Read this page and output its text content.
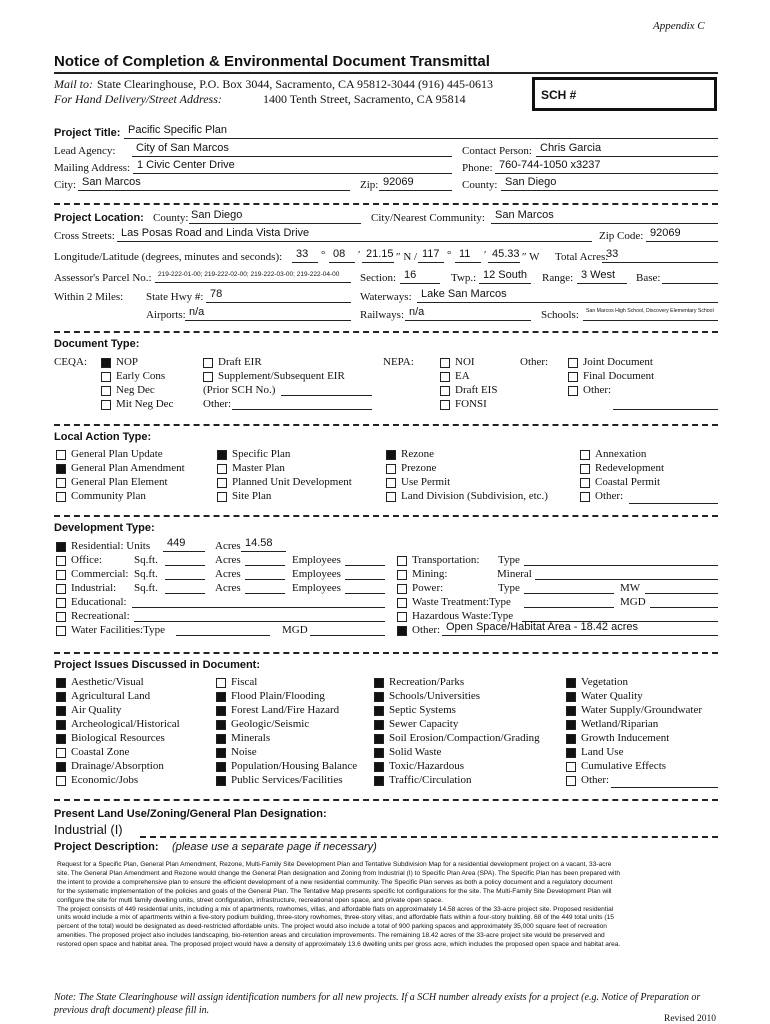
Appendix C
Notice of Completion & Environmental Document Transmittal
Mail to: State Clearinghouse, P.O. Box 3044, Sacramento, CA 95812-3044 (916) 445-0613
For Hand Delivery/Street Address:	1400 Tenth Street, Sacramento, CA 95814	SCH #
Project Title: Pacific Specific Plan
Lead Agency: City of San Marcos
Mailing Address: 1 Civic Center Drive
City: San Marcos	Zip: 92069
Contact Person: Chris Garcia
Phone: 760-744-1050 x3237
County: San Diego
Project Location: County: San Diego	City/Nearest Community: San Marcos
Cross Streets: Las Posas Road and Linda Vista Drive	Zip Code: 92069
Longitude/Latitude (degrees, minutes and seconds): 33 ° 08 ′ 21.15 ″ N / 117 ° 11 ′ 45.33 ″ W Total Acres:
33
Assessor's Parcel No.: 219-222-01-00; 219-222-02-00; 219-222-03-00; 219-222-04-00 Section: 16	Twp.: 12 South Range: 3 West Base:
Within 2 Miles: State Hwy #: 78	Waterways: Lake San Marcos
Airports: n/a	Railways: n/a	Schools: San Marcos High School, Discovery Elementary School
Document Type:
CEQA:	NOP
Early Cons
Neg Dec
Mit Neg Dec
Draft EIR
Supplement/Subsequent EIR
(Prior SCH No.)
Other:
NEPA:	NOI
EA
Draft EIS
FONSI
Other:	Joint Document
Final Document
Other:
Local Action Type:
General Plan Update
General Plan Amendment
General Plan Element
Community Plan
Specific Plan
Master Plan
Planned Unit Development
Site Plan
Rezone
Prezone
Use Permit
Land Division (Subdivision, etc.)
Annexation
Redevelopment
Coastal Permit
Other:
Development Type:
Residential: Units 449	Acres 14.58
Office:	Sq.ft.	Acres	Employees
Commercial: Sq.ft.	Acres	Employees
Industrial: Sq.ft.	Acres	Employees
Educational:
Recreational:
Water Facilities:Type	MGD
Transportation: Type
Mining:	Mineral
Power:	Type	MW
Waste Treatment:Type	MGD
Hazardous Waste:Type
Other: Open Space/Habitat Area - 18.42 acres
Project Issues Discussed in Document:
Aesthetic/Visual
Agricultural Land
Air Quality
Archeological/Historical
Biological Resources
Coastal Zone
Drainage/Absorption
Economic/Jobs
Fiscal
Flood Plain/Flooding
Forest Land/Fire Hazard
Geologic/Seismic
Minerals
Noise
Population/Housing Balance
Public Services/Facilities
Recreation/Parks
Schools/Universities
Septic Systems
Sewer Capacity
Soil Erosion/Compaction/Grading
Solid Waste
Toxic/Hazardous
Traffic/Circulation
Vegetation
Water Quality
Water Supply/Groundwater
Wetland/Riparian
Growth Inducement
Land Use
Cumulative Effects
Other:
Present Land Use/Zoning/General Plan Designation:
Industrial (I)
Project Description: (please use a separate page if necessary)
Request for a Specific Plan, General Plan Amendment, Rezone, Multi-Family Site Development Plan and Tentative Subdivision Map for a residential development project on a vacant, 33-acre
site. The General Plan Amendment and Rezone would change the General Plan designation and Zoning from Industrial (I) to Specific Plan Area (SPA). The Specific Plan has been prepared with
the intent to provide a comprehensive plan to ensure the efficient development of a new residential community. The Specific Plan serves as both a policy document and a regulatory document
for the systematic implementation of the policies and goals of the General Plan. The Tentative Map presents specific lot configurations for the site. The Multi-Family Site Development Plan will
configure the site for multi family dwelling units, street configuration, infrastructure, recreational open space, and private open space.
The project consists of 449 residential units, including a mix of apartments, rowhomes, villas, and affordable flats on approximately 14.58 acres of the 33-acre project site. Proposed residential
units would include a mix of apartments within a five-story podium building, three-story rowhomes, three-story villas, and affordable flats within a four-story building. 68 of the 449 total units (15
percent of the total) would be designated as deed-restricted affordable units. The project would also include a total of 900 parking spaces and approximately 35,000 square feet of recreation
amenities. The proposed project also includes landscaping, bio-retention areas and circulation improvements. The remaining 18.42 acres of the 33-acre project site would be preserved and
restored open space and habitat area. The proposed project would have a density of approximately 13.6 dwelling units per gross acre, which includes the proposed open space and habitat area.
Note: The State Clearinghouse will assign identification numbers for all new projects. If a SCH number already exists for a project (e.g. Notice of Preparation or
previous draft document) please fill in.
Revised 2010
